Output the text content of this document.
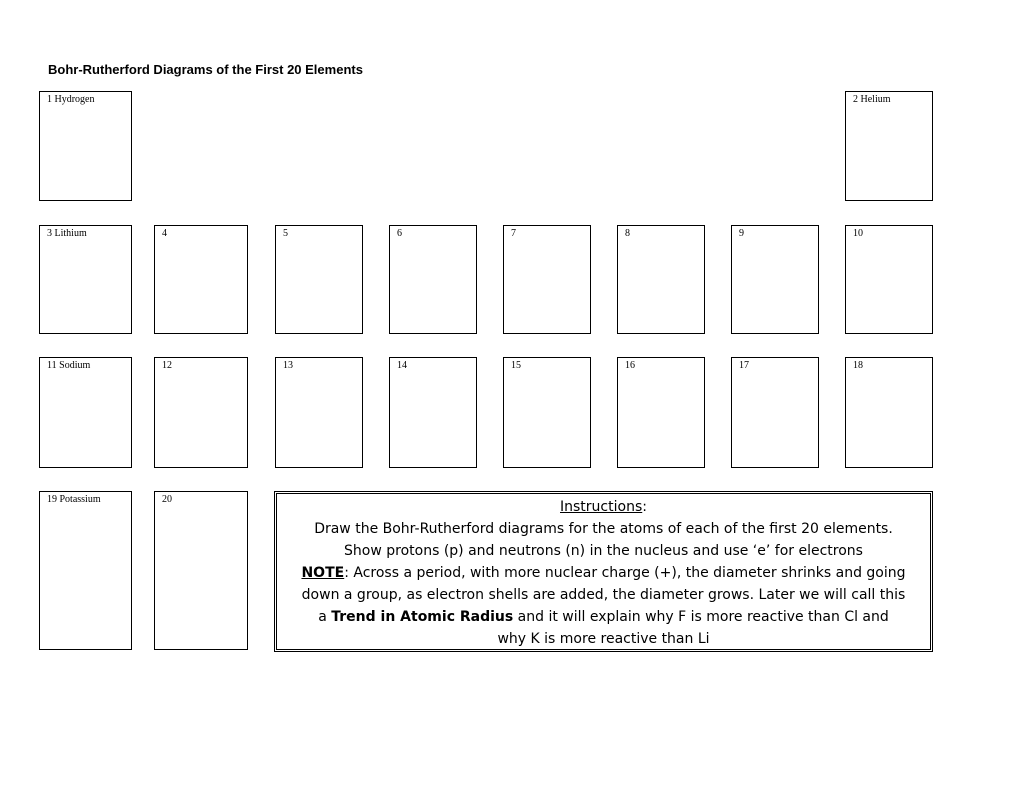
Bohr-Rutherford Diagrams of the First 20 Elements
1 Hydrogen	2 Helium
3 Lithium	4	5	6	7	8	9	10
11 Sodium	12	13	14	15	16	17	18
19 Potassium	20	Instructions:
Draw the Bohr-Rutherford diagrams for the atoms of each of the first 20 elements.
Show protons (p) and neutrons (n) in the nucleus and use ‘e’ for electrons
NOTE: Across a period, with more nuclear charge (+), the diameter shrinks and going
down a group, as electron shells are added, the diameter grows. Later we will call this
a Trend in Atomic Radius and it will explain why F is more reactive than Cl and
why K is more reactive than Li
